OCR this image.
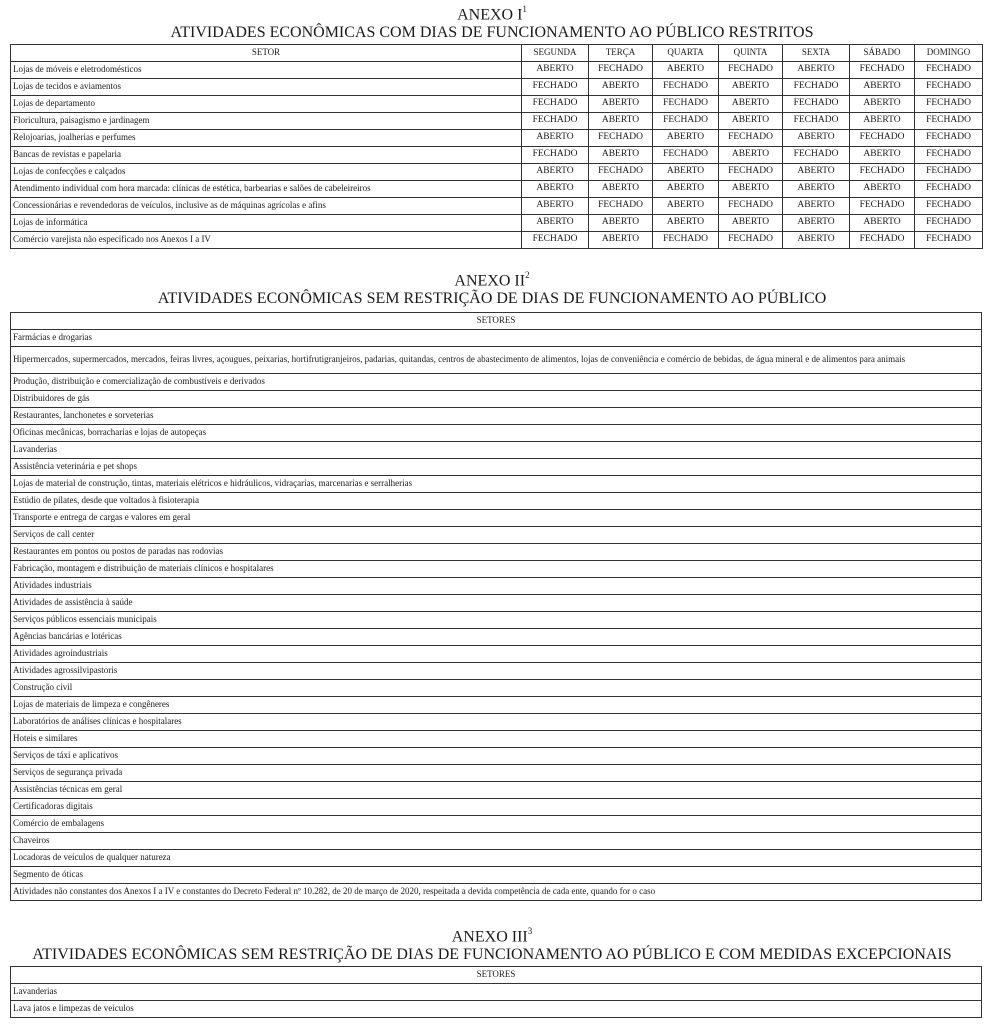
ANEXO $I^1$
ATIVIDADES ECONÔMICAS COM DIAS DE FUNCIONAMENTO AO PÚBLICO RESTRITOS
SETOR	SEGUNDA	TERÇA	QUARTA	QUINTA	SEXTA	SÁBADO	DOMINGO
Lojas de móveis e eletrodomésticos	ABERTO	FECHADO	ABERTO	FECHADO	ABERTO	FECHADO	FECHADO
Lojas de tecidos e aviamentos	FECHADO	ABERTO	FECHADO	ABERTO	FECHADO	ABERTO	FECHADO
Lojas de departamento	FECHADO	ABERTO	FECHADO	ABERTO	FECHADO	ABERTO	FECHADO
Floricultura, paisagismo e jardinagem	FECHADO	ABERTO	FECHADO	ABERTO	FECHADO	ABERTO	FECHADO
Relojoarias, joalherias e perfumes	ABERTO	FECHADO	ABERTO	FECHADO	ABERTO	FECHADO	FECHADO
Bancas de revistas e papelaria	FECHADO	ABERTO	FECHADO	ABERTO	FECHADO	ABERTO	FECHADO
Lojas de confecções e calçados	ABERTO	FECHADO	ABERTO	FECHADO	ABERTO	FECHADO	FECHADO
Atendimento individual com hora marcada: clínicas de estética, barbearias e salões de cabeleireiros	ABERTO	ABERTO	ABERTO	ABERTO	ABERTO	ABERTO	FECHADO
Concessionárias e revendedoras de veículos, inclusive as de máquinas agrícolas e afins	ABERTO	FECHADO	ABERTO	FECHADO	ABERTO	FECHADO	FECHADO
Lojas de informática	ABERTO	ABERTO	ABERTO	ABERTO	ABERTO	ABERTO	FECHADO
Comércio varejista não especificado nos Anexos I a IV	FECHADO	ABERTO	FECHADO	FECHADO	ABERTO	FECHADO	FECHADO
ANEXO $II^2$
ATIVIDADES ECONÔMICAS SEM RESTRIÇÃO DE DIAS DE FUNCIONAMENTO AO PÚBLICO
SETORES
Farmácias e drogarias
Hipermercados, supermercados, mercados, feiras livres, açougues, peixarias, hortifrutigranjeiros, padarias, quitandas, centros de abastecimento de alimentos, lojas de conveniência e comércio de bebidas, de água mineral e de alimentos para animais
Produção, distribuição e comercialização de combustíveis e derivados
Distribuidores de gás
Restaurantes, lanchonetes e sorveterias
Oficinas mecânicas, borracharias e lojas de autopeças
Lavanderias
Assistência veterinária e pet shops
Lojas de material de construção, tintas, materiais elétricos e hidráulicos, vidraçarias, marcenarias e serralherias
Estúdio de pilates, desde que voltados à fisioterapia
Transporte e entrega de cargas e valores em geral
Serviços de call center
Restaurantes em pontos ou postos de paradas nas rodovias
Fabricação, montagem e distribuição de materiais clínicos e hospitalares
Atividades industriais
Atividades de assistência à saúde
Serviços públicos essenciais municipais
Agências bancárias e lotéricas
Atividades agroindustriais
Atividades agrossilvipastoris
Construção civil
Lojas de materiais de limpeza e congêneres
Laboratórios de análises clínicas e hospitalares
Hoteis e similares
Serviços de táxi e aplicativos
Serviços de segurança privada
Assistências técnicas em geral
Certificadoras digitais
Comércio de embalagens
Chaveiros
Locadoras de veículos de qualquer natureza
Segmento de óticas
Atividades não constantes dos Anexos I a IV e constantes do Decreto Federal nº 10.282, de 20 de março de 2020, respeitada a devida competência de cada ente, quando for o caso
ANEXO III$^3$
ATIVIDADES ECONÔMICAS SEM RESTRIÇÃO DE DIAS DE FUNCIONAMENTO AO PÚBLICO E COM MEDIDAS EXCEPCIONAIS
SETORES
Lavanderias
Lava jatos e limpezas de veículos
